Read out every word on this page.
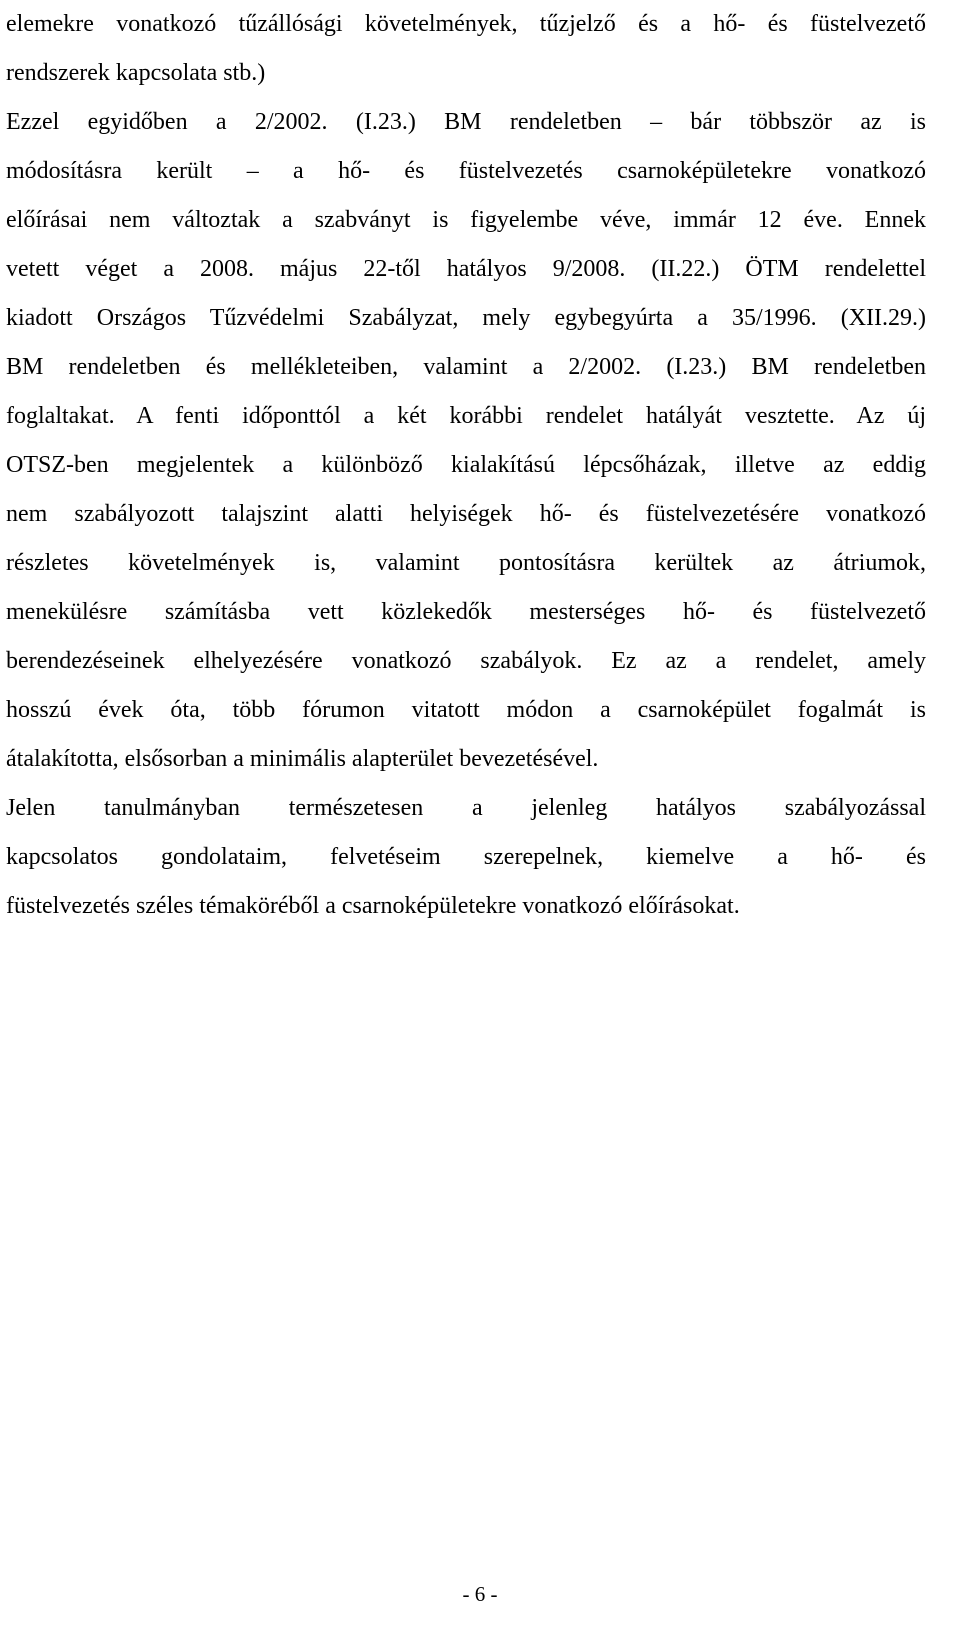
elemekre vonatkozó tűzállósági követelmények, tűzjelző és a hő- és füstelvezető
rendszerek kapcsolata stb.)
Ezzel egyidőben a 2/2002. (I.23.) BM rendeletben – bár többször az is
módosításra került – a hő- és füstelvezetés csarnoképületekre vonatkozó
előírásai nem változtak a szabványt is figyelembe véve, immár 12 éve. Ennek
vetett véget a 2008. május 22-től hatályos 9/2008. (II.22.) ÖTM rendelettel
kiadott Országos Tűzvédelmi Szabályzat, mely egybegyúrta a 35/1996. (XII.29.)
BM rendeletben és mellékleteiben, valamint a 2/2002. (I.23.) BM rendeletben
foglaltakat. A fenti időponttól a két korábbi rendelet hatályát vesztette. Az új
OTSZ-ben megjelentek a különböző kialakítású lépcsőházak, illetve az eddig
nem szabályozott talajszint alatti helyiségek hő- és füstelvezetésére vonatkozó
részletes követelmények is, valamint pontosításra kerültek az átriumok,
menekülésre számításba vett közlekedők mesterséges hő- és füstelvezető
berendezéseinek elhelyezésére vonatkozó szabályok. Ez az a rendelet, amely
hosszú évek óta, több fórumon vitatott módon a csarnoképület fogalmát is
átalakította, elsősorban a minimális alapterület bevezetésével.
Jelen tanulmányban természetesen a jelenleg hatályos szabályozással
kapcsolatos gondolataim, felvetéseim szerepelnek, kiemelve a hő- és
füstelvezetés széles témaköréből a csarnoképületekre vonatkozó előírásokat.
- 6 -
